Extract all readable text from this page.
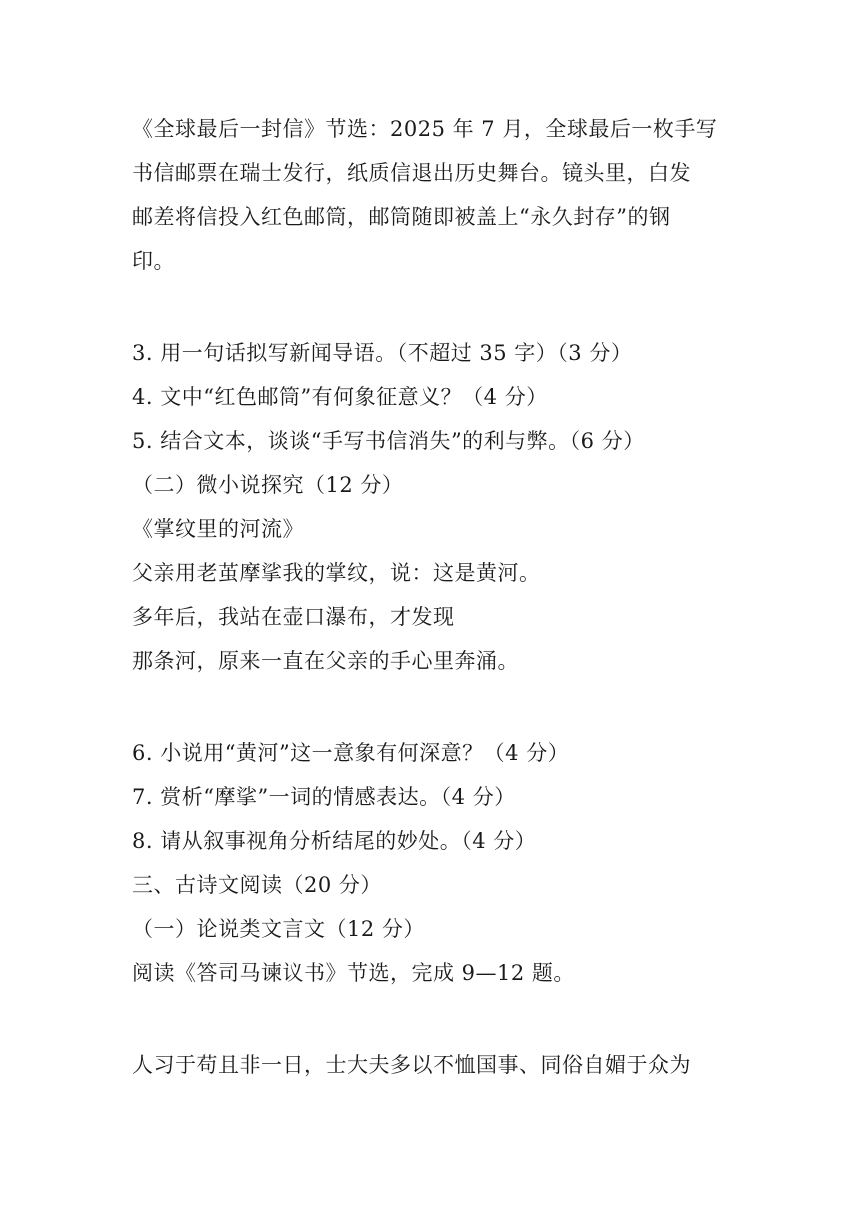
《全球最后一封信》节选：2025 年 7 月，全球最后一枚手写
书信邮票在瑞士发行，纸质信退出历史舞台。镜头里，白发
邮差将信投入红色邮筒，邮筒随即被盖上“永久封存”的钢
印。
3. 用一句话拟写新闻导语。（不超过 35 字）（3 分）
4. 文中“红色邮筒”有何象征意义？（4 分）
5. 结合文本，谈谈“手写书信消失”的利与弊。（6 分）
（二）微小说探究（12 分）
《掌纹里的河流》
父亲用老茧摩挲我的掌纹，说：这是黄河。
多年后，我站在壶口瀑布，才发现
那条河，原来一直在父亲的手心里奔涌。
6. 小说用“黄河”这一意象有何深意？（4 分）
7. 赏析“摩挲”一词的情感表达。（4 分）
8. 请从叙事视角分析结尾的妙处。（4 分）
三、古诗文阅读（20 分）
（一）论说类文言文（12 分）
阅读《答司马谏议书》节选，完成 9—12 题。
人习于苟且非一日，士大夫多以不恤国事、同俗自媚于众为
